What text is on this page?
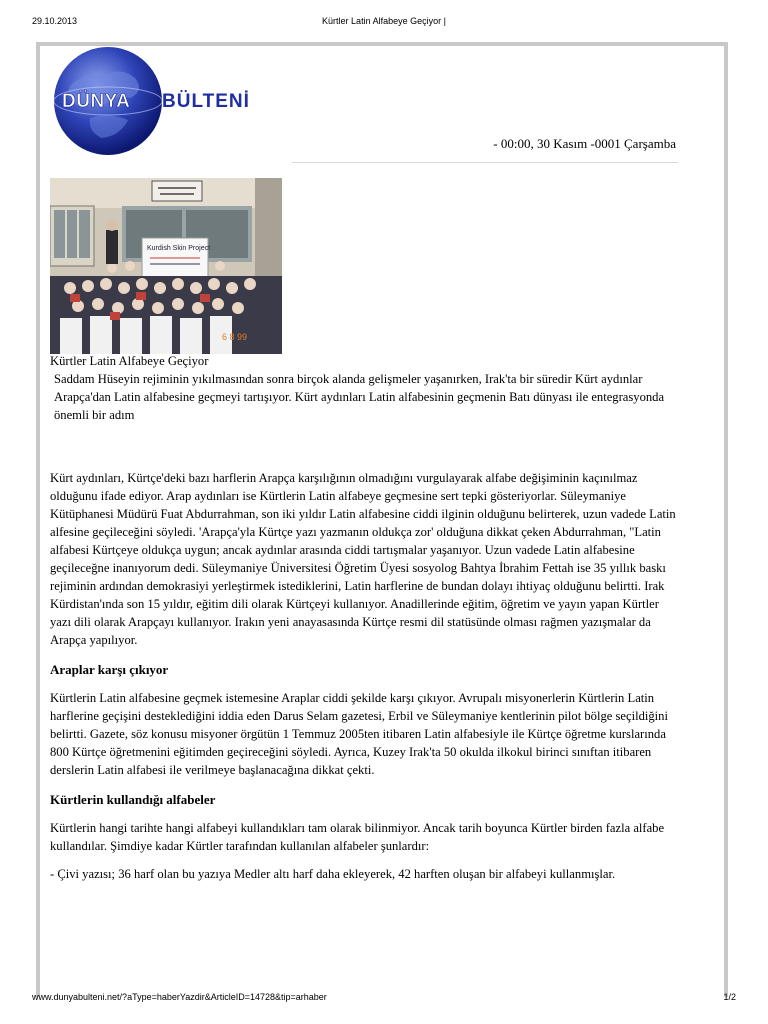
29.10.2013	Kürtler Latin Alfabeye Geçiyor |
DÜNYA BÜLTENİ
- 00:00, 30 Kasım -0001 Çarşamba
Kurdish Skin Project
6 8 99
Kürtler Latin Alfabeye Geçiyor
Saddam Hüseyin rejiminin yıkılmasından sonra birçok alanda gelişmeler yaşanırken, Irak'ta bir süredir Kürt aydınlar Arapça'dan Latin alfabesine geçmeyi tartışıyor. Kürt aydınları Latin alfabesinin geçmenin Batı dünyası ile entegrasyonda önemli bir adım

Kürt aydınları, Kürtçe'deki bazı harflerin Arapça karşılığının olmadığını vurgulayarak alfabe değişiminin kaçınılmaz olduğunu ifade ediyor. Arap aydınları ise Kürtlerin Latin alfabeye geçmesine sert tepki gösteriyorlar. Süleymaniye Kütüphanesi Müdürü Fuat Abdurrahman, son iki yıldır Latin alfabesine ciddi ilginin olduğunu belirterek, uzun vadede Latin alfesine geçileceğini söyledi. 'Arapça'yla Kürtçe yazı yazmanın oldukça zor' olduğuna dikkat çeken Abdurrahman, "Latin alfabesi Kürtçeye oldukça uygun; ancak aydınlar arasında ciddi tartışmalar yaşanıyor. Uzun vadede Latin alfabesine geçileceğne inanıyorum dedi. Süleymaniye Üniversitesi Öğretim Üyesi sosyolog Bahtya İbrahim Fettah ise 35 yıllık baskı rejiminin ardından demokrasiyi yerleştirmek istediklerini, Latin harflerine de bundan dolayı ihtiyaç olduğunu belirtti. Irak Kürdistan'ında son 15 yıldır, eğitim dili olarak Kürtçeyi kullanıyor. Anadillerinde eğitim, öğretim ve yayın yapan Kürtler yazı dili olarak Arapçayı kullanıyor. Irakın yeni anayasasında Kürtçe resmi dil statüsünde olması rağmen yazışmalar da Arapça yapılıyor.

Araplar karşı çıkıyor

Kürtlerin Latin alfabesine geçmek istemesine Araplar ciddi şekilde karşı çıkıyor. Avrupalı misyonerlerin Kürtlerin Latin harflerine geçişini desteklediğini iddia eden Darus Selam gazetesi, Erbil ve Süleymaniye kentlerinin pilot bölge seçildiğini belirtti. Gazete, söz konusu misyoner örgütün 1 Temmuz 2005ten itibaren Latin alfabesiyle ile Kürtçe öğretme kurslarında 800 Kürtçe öğretmenini eğitimden geçireceğini söyledi. Ayrıca, Kuzey Irak'ta 50 okulda ilkokul birinci sınıftan itibaren derslerin Latin alfabesi ile verilmeye başlanacağına dikkat çekti.

Kürtlerin kullandığı alfabeler

Kürtlerin hangi tarihte hangi alfabeyi kullandıkları tam olarak bilinmiyor. Ancak tarih boyunca Kürtler birden fazla alfabe kullandılar. Şimdiye kadar Kürtler tarafından kullanılan alfabeler şunlardır:

- Çivi yazısı; 36 harf olan bu yazıya Medler altı harf daha ekleyerek, 42 harften oluşan bir alfabeyi kullanmışlar.

www.dunyabulteni.net/?aType=haberYazdir&ArticleID=14728&tip=arhaber	1/2
